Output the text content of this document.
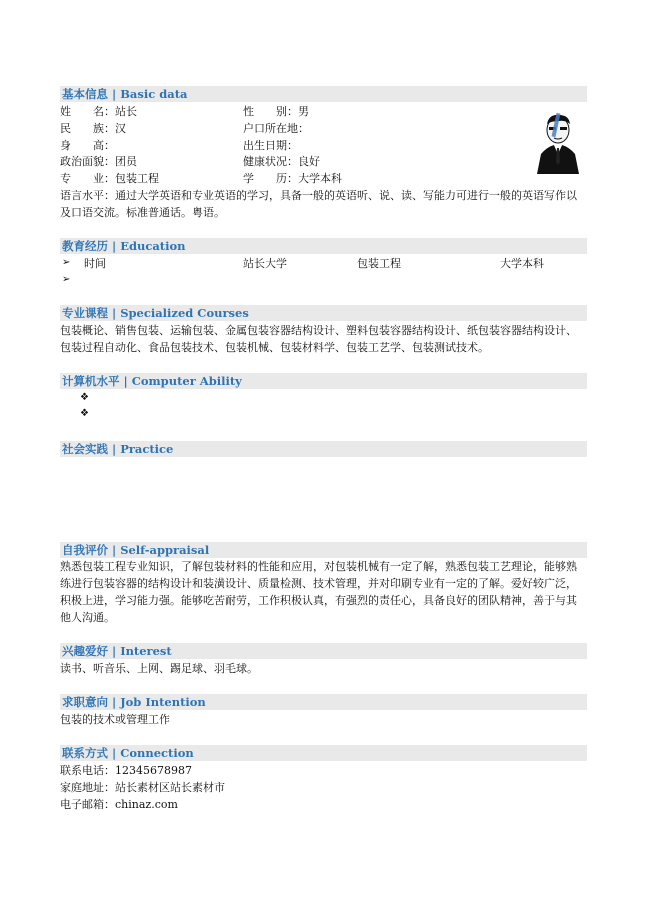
基本信息 | Basic data
姓　　名：站长	性　　别：男
民　　族：汉	户口所在地：
身　　高：	出生日期：
政治面貌：团员	健康状况：良好
专　　业：包装工程	学　　历：大学本科
语言水平：通过大学英语和专业英语的学习，具备一般的英语听、说、读、写能力可进行一般的英语写作以及口语交流。标准普通话。粤语。
教育经历 | Education
➢ 时间	站长大学	包装工程	大学本科
➢
专业课程 | Specialized Courses
包装概论、销售包装、运输包装、金属包装容器结构设计、塑料包装容器结构设计、纸包装容器结构设计、包装过程自动化、食品包装技术、包装机械、包装材料学、包装工艺学、包装测试技术。
计算机水平 | Computer Ability
❖
❖
社会实践 | Practice
自我评价 | Self-appraisal
熟悉包装工程专业知识，了解包装材料的性能和应用，对包装机械有一定了解，熟悉包装工艺理论，能够熟练进行包装容器的结构设计和装潢设计、质量检测、技术管理，并对印刷专业有一定的了解。爱好较广泛，积极上进，学习能力强。能够吃苦耐劳，工作积极认真，有强烈的责任心，具备良好的团队精神，善于与其他人沟通。
兴趣爱好 | Interest
读书、听音乐、上网、踢足球、羽毛球。
求职意向 | Job Intention
包装的技术或管理工作
联系方式 | Connection
联系电话：12345678987
家庭地址：站长素材区站长素材市
电子邮箱：chinaz.com
